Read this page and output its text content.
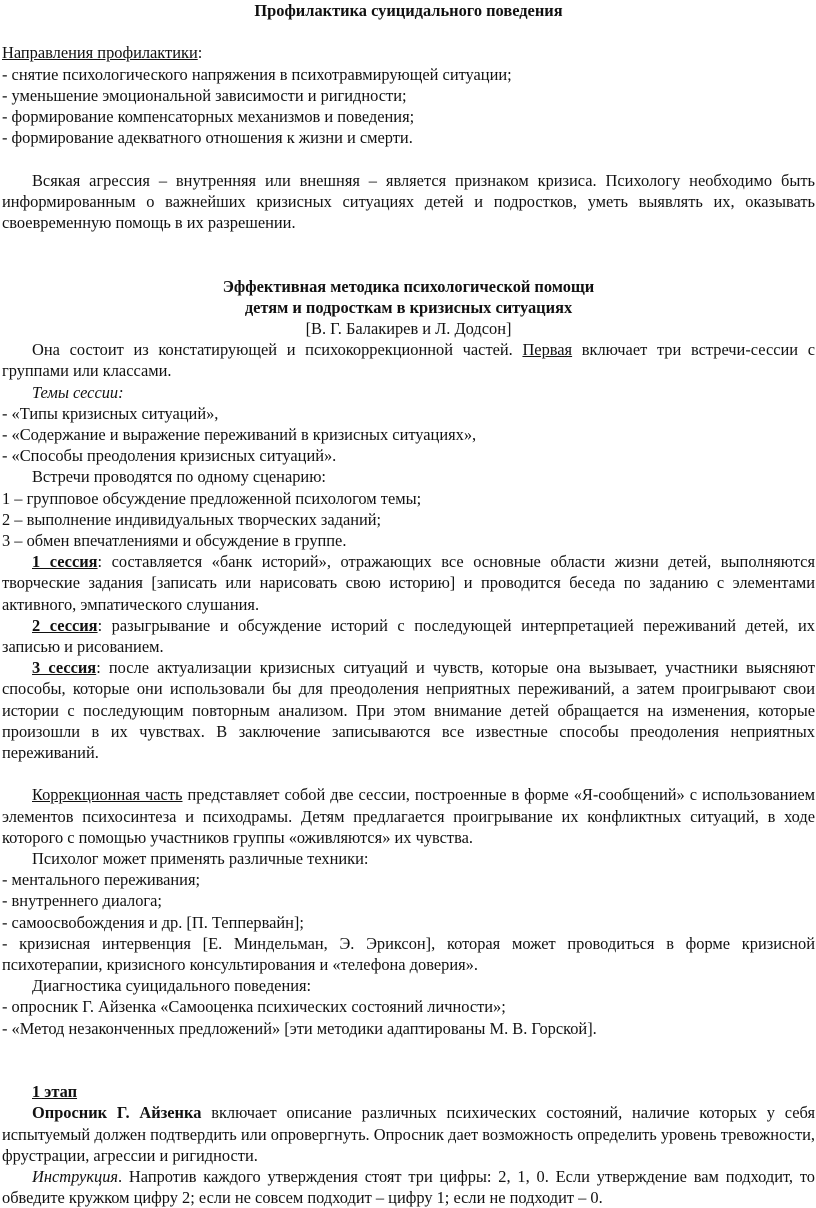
Профилактика суицидального поведения

Направления профилактики:

- снятие психологического напряжения в психотравмирующей ситуации;

- уменьшение эмоциональной зависимости и ригидности;

- формирование компенсаторных механизмов и поведения;

- формирование адекватного отношения к жизни и смерти.

Всякая агрессия – внутренняя или внешняя – является признаком кризиса. Психологу необходимо быть информированным о важнейших кризисных ситуациях детей и подростков, уметь выявлять их, оказывать своевременную помощь в их разрешении.

Эффективная методика психологической помощи

детям и подросткам в кризисных ситуациях

[В. Г. Балакирев и Л. Додсон]

Она состоит из констатирующей и психокоррекционной частей. Первая включает три встречи-сессии с группами или классами.

Темы сессии:

- «Типы кризисных ситуаций»,

- «Содержание и выражение переживаний в кризисных ситуациях»,

- «Способы преодоления кризисных ситуаций».

Встречи проводятся по одному сценарию:

1 – групповое обсуждение предложенной психологом темы;

2 – выполнение индивидуальных творческих заданий;

3 – обмен впечатлениями и обсуждение в группе.

1 сессия: составляется «банк историй», отражающих все основные области жизни детей, выполняются творческие задания [записать или нарисовать свою историю] и проводится беседа по заданию с элементами активного, эмпатического слушания.

2 сессия: разыгрывание и обсуждение историй с последующей интерпретацией переживаний детей, их записью и рисованием.

3 сессия: после актуализации кризисных ситуаций и чувств, которые она вызывает, участники выясняют способы, которые они использовали бы для преодоления неприятных переживаний, а затем проигрывают свои истории с последующим повторным анализом. При этом внимание детей обращается на изменения, которые произошли в их чувствах. В заключение записываются все известные способы преодоления неприятных переживаний.

Коррекционная часть представляет собой две сессии, построенные в форме «Я-сообщений» с использованием элементов психосинтеза и психодрамы. Детям предлагается проигрывание их конфликтных ситуаций, в ходе которого с помощью участников группы «оживляются» их чувства.

Психолог может применять различные техники:

- ментального переживания;

- внутреннего диалога;

- самоосвобождения и др. [П. Теппервайн];

- кризисная интервенция [Е. Миндельман, Э. Эриксон], которая может проводиться в форме кризисной психотерапии, кризисного консультирования и «телефона доверия».

Диагностика суицидального поведения:

- опросник Г. Айзенка «Самооценка психических состояний личности»;

- «Метод незаконченных предложений» [эти методики адаптированы М. В. Горской].

1 этап

Опросник Г. Айзенка включает описание различных психических состояний, наличие которых у себя испытуемый должен подтвердить или опровергнуть. Опросник дает возможность определить уровень тревожности, фрустрации, агрессии и ригидности.

Инструкция. Напротив каждого утверждения стоят три цифры: 2, 1, 0. Если утверждение вам подходит, то обведите кружком цифру 2; если не совсем подходит – цифру 1; если не подходит – 0.
